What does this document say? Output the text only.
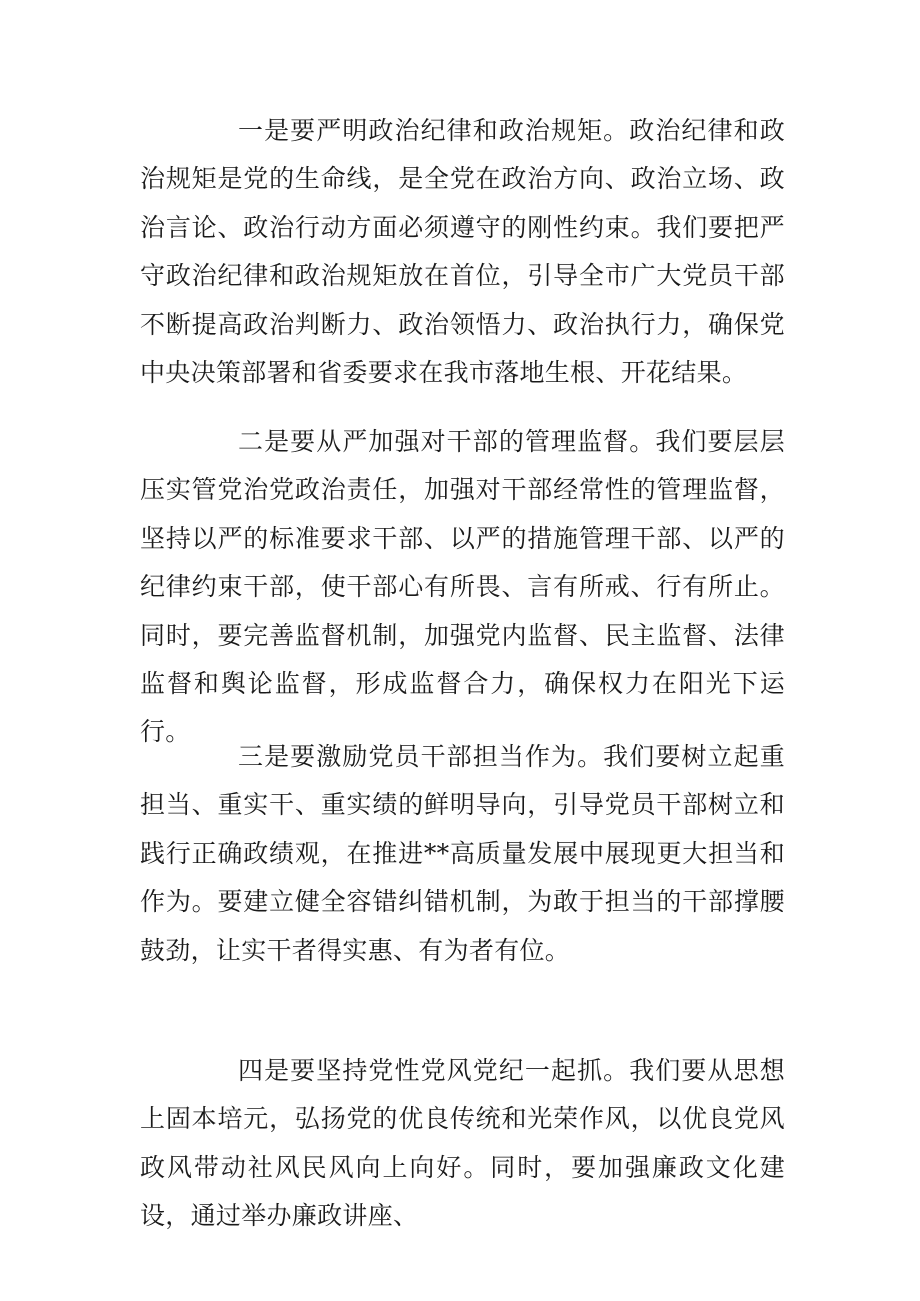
一是要严明政治纪律和政治规矩。政治纪律和政治规矩是党的生命线，是全党在政治方向、政治立场、政治言论、政治行动方面必须遵守的刚性约束。我们要把严守政治纪律和政治规矩放在首位，引导全市广大党员干部不断提高政治判断力、政治领悟力、政治执行力，确保党中央决策部署和省委要求在我市落地生根、开花结果。

二是要从严加强对干部的管理监督。我们要层层压实管党治党政治责任，加强对干部经常性的管理监督，坚持以严的标准要求干部、以严的措施管理干部、以严的纪律约束干部，使干部心有所畏、言有所戒、行有所止。同时，要完善监督机制，加强党内监督、民主监督、法律监督和舆论监督，形成监督合力，确保权力在阳光下运行。

三是要激励党员干部担当作为。我们要树立起重担当、重实干、重实绩的鲜明导向，引导党员干部树立和践行正确政绩观，在推进**高质量发展中展现更大担当和作为。要建立健全容错纠错机制，为敢于担当的干部撑腰鼓劲，让实干者得实惠、有为者有位。

四是要坚持党性党风党纪一起抓。我们要从思想上固本培元，弘扬党的优良传统和光荣作风，以优良党风政风带动社风民风向上向好。同时，要加强廉政文化建设，通过举办廉政讲座、
